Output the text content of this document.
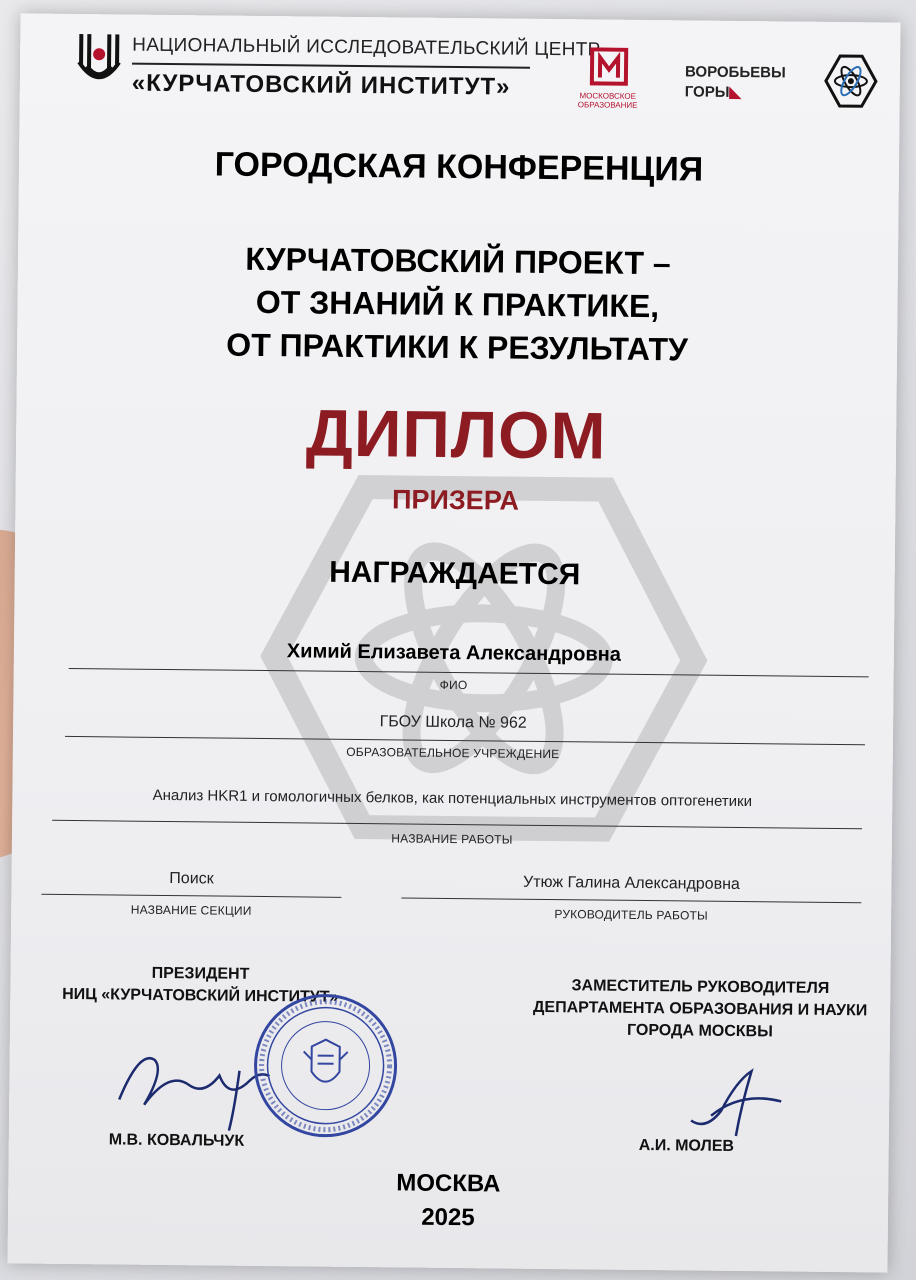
НАЦИОНАЛЬНЫЙ ИССЛЕДОВАТЕЛЬСКИЙ ЦЕНТР
«КУРЧАТОВСКИЙ ИНСТИТУТ»	МОСКОВСКОЕ ОБРАЗОВАНИЕ
ВОРОБЬЕВЫ
ГОРЫ◣
ГОРОДСКАЯ КОНФЕРЕНЦИЯ
КУРЧАТОВСКИЙ ПРОЕКТ –
ОТ ЗНАНИЙ К ПРАКТИКЕ,
ОТ ПРАКТИКИ К РЕЗУЛЬТАТУ
ДИПЛОМ
ПРИЗЕРА
НАГРАЖДАЕТСЯ
Химий Елизавета Александровна
ФИО
ГБОУ Школа № 962
ОБРАЗОВАТЕЛЬНОЕ УЧРЕЖДЕНИЕ
Анализ HKR1 и гомологичных белков, как потенциальных инструментов оптогенетики
НАЗВАНИЕ РАБОТЫ
Поиск
НАЗВАНИЕ СЕКЦИИ
Утюж Галина Александровна
РУКОВОДИТЕЛЬ РАБОТЫ
ПРЕЗИДЕНТ
НИЦ «КУРЧАТОВСКИЙ ИНСТИТУТ»	ЗАМЕСТИТЕЛЬ РУКОВОДИТЕЛЯ
ДЕПАРТАМЕНТА ОБРАЗОВАНИЯ И НАУКИ
ГОРОДА МОСКВЫ
М.В. КОВАЛЬЧУК	А.И. МОЛЕВ
МОСКВА
2025
